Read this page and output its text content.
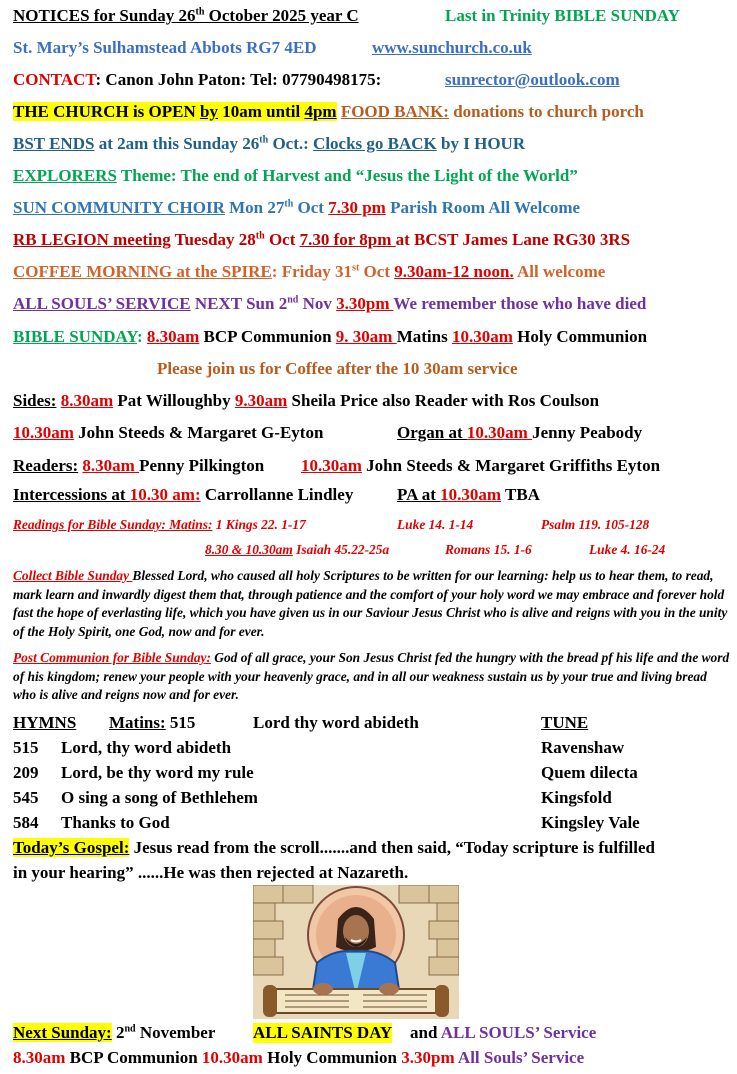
NOTICES for Sunday 26th October 2025 year C	Last in Trinity BIBLE SUNDAY
St. Mary’s Sulhamstead Abbots RG7 4ED	www.sunchurch.co.uk
CONTACT: Canon John Paton: Tel: 07790498175:	sunrector@outlook.com
THE CHURCH is OPEN by 10am until 4pm FOOD BANK: donations to church porch
BST ENDS at 2am this Sunday 26th Oct.: Clocks go BACK by I HOUR
EXPLORERS Theme: The end of Harvest and “Jesus the Light of the World”
SUN COMMUNITY CHOIR Mon 27th Oct 7.30 pm Parish Room All Welcome
RB LEGION meeting Tuesday 28th Oct 7.30 for 8pm at BCST James Lane RG30 3RS
COFFEE MORNING at the SPIRE: Friday 31st Oct 9.30am-12 noon. All welcome
ALL SOULS’ SERVICE NEXT Sun 2nd Nov 3.30pm We remember those who have died
BIBLE SUNDAY: 8.30am BCP Communion 9. 30am Matins 10.30am Holy Communion
Please join us for Coffee after the 10 30am service
Sides: 8.30am Pat Willoughby 9.30am Sheila Price also Reader with Ros Coulson
10.30am John Steeds & Margaret G-Eyton	Organ at 10.30am Jenny Peabody
Readers: 8.30am Penny Pilkington 10.30am John Steeds & Margaret Griffiths Eyton
Intercessions at 10.30 am: Carrollanne Lindley	PA at 10.30am TBA
Readings for Bible Sunday: Matins: 1 Kings 22. 1-17	Luke 14. 1-14	Psalm 119. 105-128
8.30 & 10.30am Isaiah 45.22-25a	Romans 15. 1-6	Luke 4. 16-24
Collect Bible Sunday Blessed Lord, who caused all holy Scriptures to be written for our learning: help us to hear them, to read, mark learn and inwardly digest them that, through patience and the comfort of your holy word we may embrace and forever hold fast the hope of everlasting life, which you have given us in our Saviour Jesus Christ who is alive and reigns with you in the unity of the Holy Spirit, one God, now and for ever.
Post Communion for Bible Sunday: God of all grace, your Son Jesus Christ fed the hungry with the bread pf his life and the word of his kingdom; renew your people with your heavenly grace, and in all our weakness sustain us by your true and living bread who is alive and reigns now and for ever.
HYMNS Matins: 515	Lord thy word abideth	TUNE
515 Lord, thy word abideth	Ravenshaw
209 Lord, be thy word my rule	Quem dilecta
545 O sing a song of Bethlehem	Kingsfold
584 Thanks to God	Kingsley Vale
Today’s Gospel: Jesus read from the scroll.......and then said, “Today scripture is fulfilled
in your hearing” ......He was then rejected at Nazareth.
Next Sunday: 2nd November ALL SAINTS DAY and ALL SOULS’ Service
8.30am BCP Communion 10.30am Holy Communion 3.30pm All Souls’ Service
